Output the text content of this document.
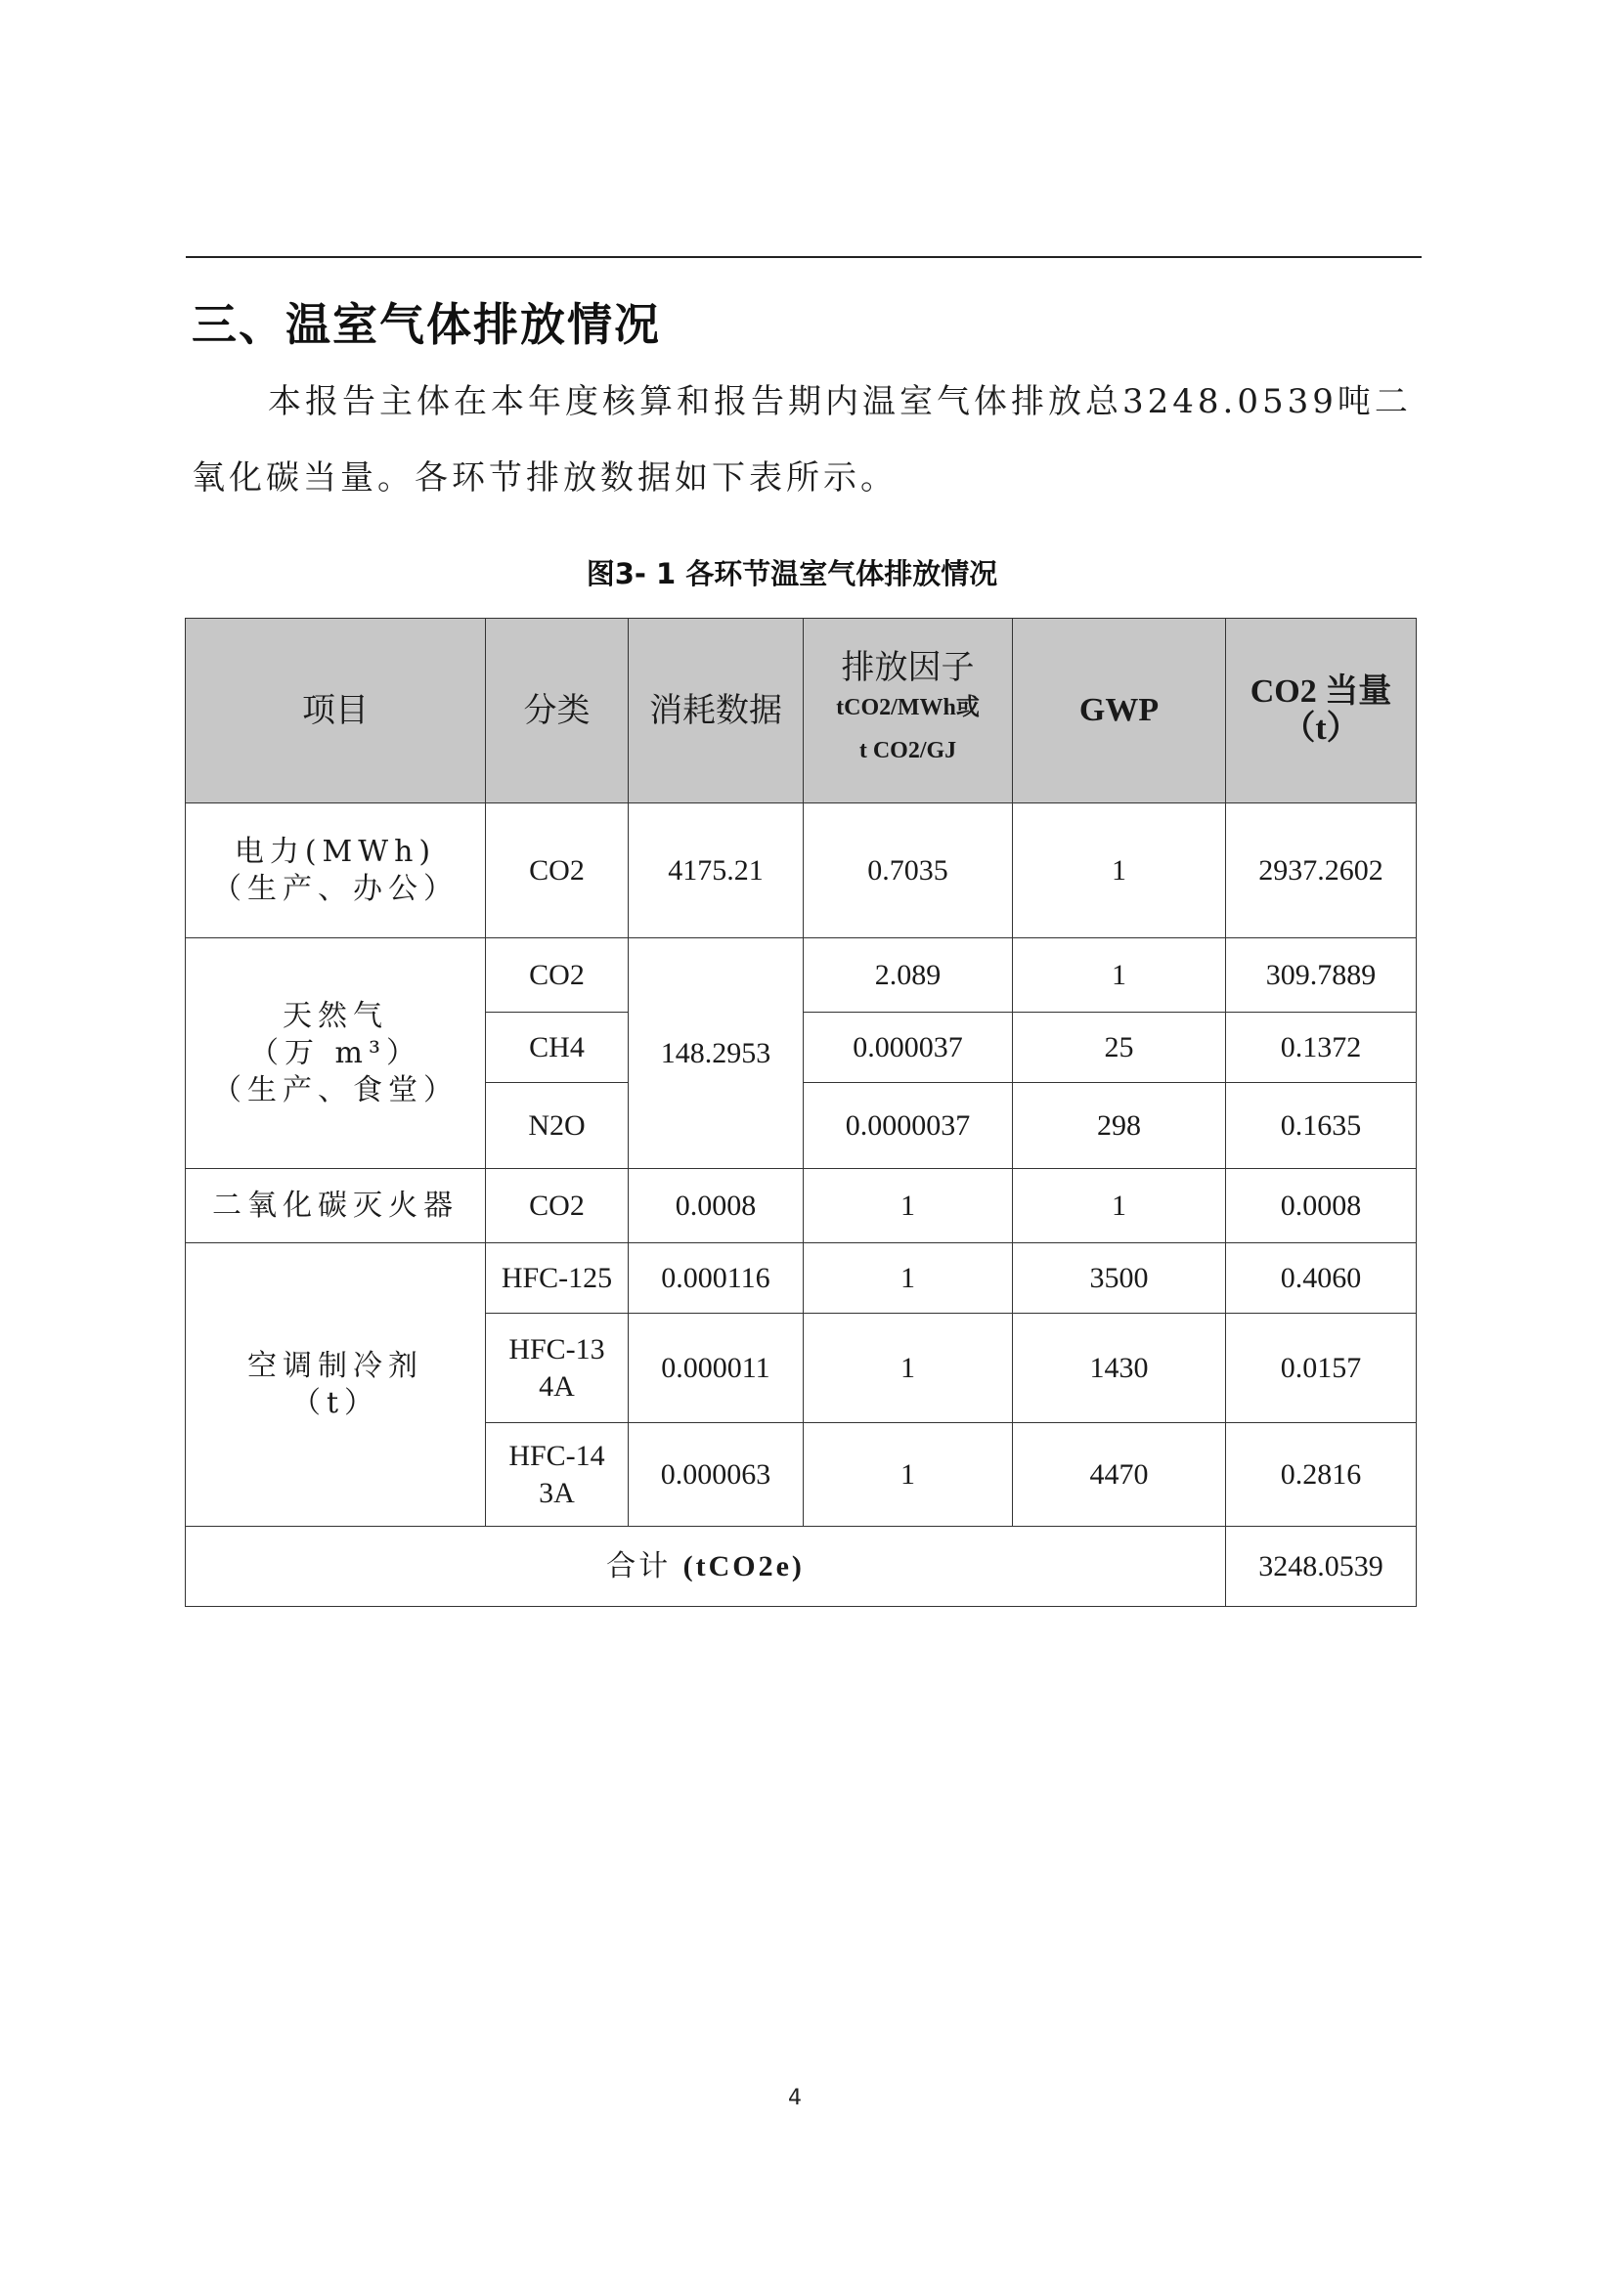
三、温室气体排放情况
本报告主体在本年度核算和报告期内温室气体排放总3248.0539吨二氧化碳当量。各环节排放数据如下表所示。
图3- 1 各环节温室气体排放情况
项目	分类	消耗数据	排放因子
tCO2/MWh或
t CO2/GJ	GWP	CO2 当量
（t）
电力(MWh)
（生产、办公）	CO2	4175.21	0.7035	1	2937.2602
天然气
（万 m³）
（生产、食堂）	CO2	148.2953	2.089	1	309.7889
	CH4		0.000037	25	0.1372
	N2O		0.0000037	298	0.1635
二氧化碳灭火器	CO2	0.0008	1	1	0.0008
空调制冷剂
（t）	HFC-125	0.000116	1	3500	0.4060
	HFC-134A	0.000011	1	1430	0.0157
	HFC-143A	0.000063	1	4470	0.2816
合计 (tCO2e)					3248.0539
4
